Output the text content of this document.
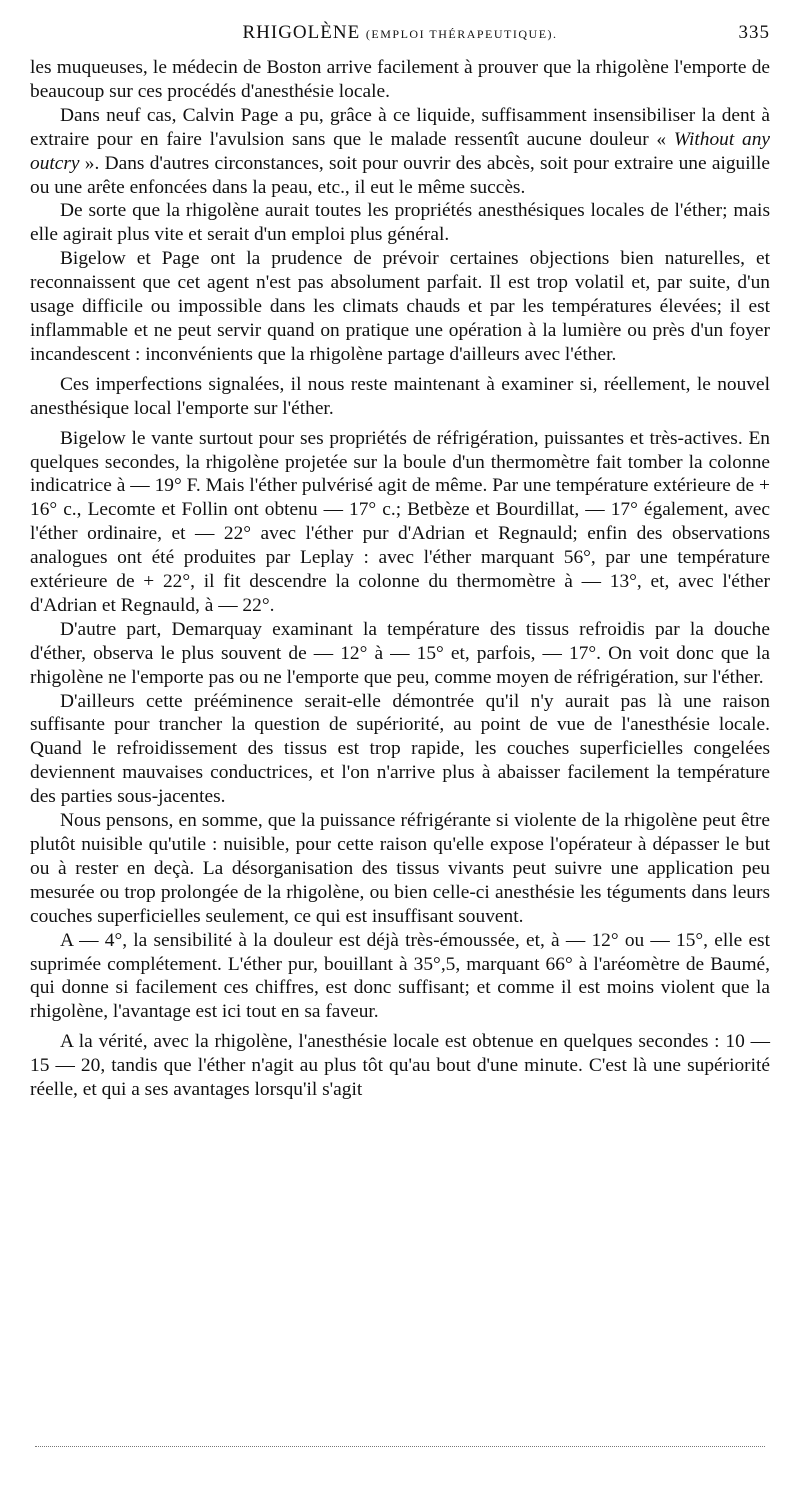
RHIGOLÈNE (EMPLOI THÉRAPEUTIQUE).	335

les muqueuses, le médecin de Boston arrive facilement à prouver que la rhigolène l'emporte de beaucoup sur ces procédés d'anesthésie locale.

Dans neuf cas, Calvin Page a pu, grâce à ce liquide, suffisamment insensibiliser la dent à extraire pour en faire l'avulsion sans que le malade ressentît aucune douleur « Without any outcry ». Dans d'autres circonstances, soit pour ouvrir des abcès, soit pour extraire une aiguille ou une arête enfoncées dans la peau, etc., il eut le même succès.

De sorte que la rhigolène aurait toutes les propriétés anesthésiques locales de l'éther; mais elle agirait plus vite et serait d'un emploi plus général.

Bigelow et Page ont la prudence de prévoir certaines objections bien naturelles, et reconnaissent que cet agent n'est pas absolument parfait. Il est trop volatil et, par suite, d'un usage difficile ou impossible dans les climats chauds et par les températures élevées; il est inflammable et ne peut servir quand on pratique une opération à la lumière ou près d'un foyer incandescent : inconvénients que la rhigolène partage d'ailleurs avec l'éther.

Ces imperfections signalées, il nous reste maintenant à examiner si, réellement, le nouvel anesthésique local l'emporte sur l'éther.

Bigelow le vante surtout pour ses propriétés de réfrigération, puissantes et très-actives. En quelques secondes, la rhigolène projetée sur la boule d'un thermomètre fait tomber la colonne indicatrice à — 19° F. Mais l'éther pulvérisé agit de même. Par une température extérieure de + 16° c., Lecomte et Follin ont obtenu — 17° c.; Betbèze et Bourdillat, — 17° également, avec l'éther ordinaire, et — 22° avec l'éther pur d'Adrian et Regnauld; enfin des observations analogues ont été produites par Leplay : avec l'éther marquant 56°, par une température extérieure de + 22°, il fit descendre la colonne du thermomètre à — 13°, et, avec l'éther d'Adrian et Regnauld, à — 22°.

D'autre part, Demarquay examinant la température des tissus refroidis par la douche d'éther, observa le plus souvent de — 12° à — 15° et, parfois, — 17°. On voit donc que la rhigolène ne l'emporte pas ou ne l'emporte que peu, comme moyen de réfrigération, sur l'éther.

D'ailleurs cette prééminence serait-elle démontrée qu'il n'y aurait pas là une raison suffisante pour trancher la question de supériorité, au point de vue de l'anesthésie locale. Quand le refroidissement des tissus est trop rapide, les couches superficielles congelées deviennent mauvaises conductrices, et l'on n'arrive plus à abaisser facilement la température des parties sous-jacentes.

Nous pensons, en somme, que la puissance réfrigérante si violente de la rhigolène peut être plutôt nuisible qu'utile : nuisible, pour cette raison qu'elle expose l'opérateur à dépasser le but ou à rester en deçà. La désorganisation des tissus vivants peut suivre une application peu mesurée ou trop prolongée de la rhigolène, ou bien celle-ci anesthésie les téguments dans leurs couches superficielles seulement, ce qui est insuffisant souvent.

A — 4°, la sensibilité à la douleur est déjà très-émoussée, et, à — 12° ou — 15°, elle est suprimée complétement. L'éther pur, bouillant à 35°,5, marquant 66° à l'aréomètre de Baumé, qui donne si facilement ces chiffres, est donc suffisant; et comme il est moins violent que la rhigolène, l'avantage est ici tout en sa faveur.

A la vérité, avec la rhigolène, l'anesthésie locale est obtenue en quelques secondes : 10 — 15 — 20, tandis que l'éther n'agit au plus tôt qu'au bout d'une minute. C'est là une supériorité réelle, et qui a ses avantages lorsqu'il s'agit
